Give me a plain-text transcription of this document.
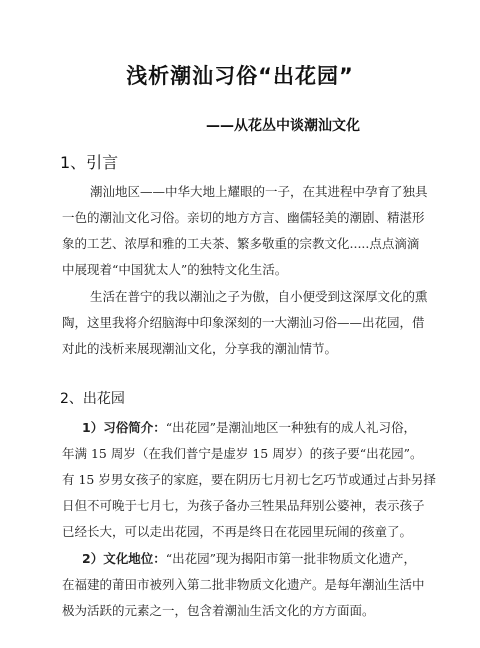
浅析潮汕习俗“出花园”
——从花丛中谈潮汕文化
1、引言
潮汕地区——中华大地上耀眼的一子，在其进程中孕育了独具
一色的潮汕文化习俗。亲切的地方方言、幽儒轻美的潮剧、精湛形
象的工艺、浓厚和雅的工夫茶、繁多敬重的宗教文化.....点点滴滴
中展现着“中国犹太人”的独特文化生活。
生活在普宁的我以潮汕之子为傲，自小便受到这深厚文化的熏
陶，这里我将介绍脑海中印象深刻的一大潮汕习俗——出花园，借
对此的浅析来展现潮汕文化，分享我的潮汕情节。
2、出花园
1）习俗简介：“出花园”是潮汕地区一种独有的成人礼习俗，
年满 15 周岁（在我们普宁是虚岁 15 周岁）的孩子要“出花园”。
有 15 岁男女孩子的家庭，要在阴历七月初七乞巧节或通过占卦另择
日但不可晚于七月七，为孩子备办三牲果品拜别公婆神，表示孩子
已经长大，可以走出花园，不再是终日在花园里玩闹的孩童了。
2）文化地位：“出花园”现为揭阳市第一批非物质文化遗产，
在福建的莆田市被列入第二批非物质文化遗产。是每年潮汕生活中
极为活跃的元素之一，包含着潮汕生活文化的方方面面。
